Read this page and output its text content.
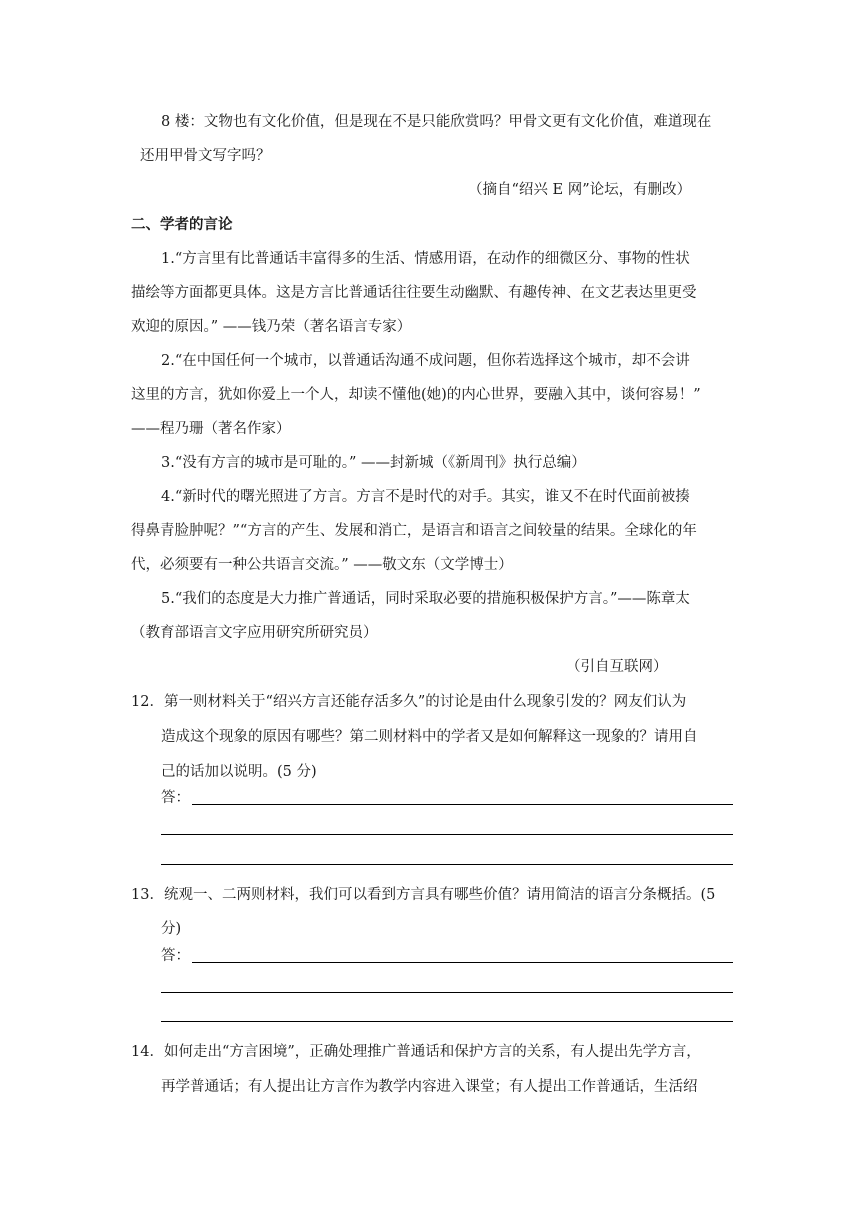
8 楼：文物也有文化价值，但是现在不是只能欣赏吗？甲骨文更有文化价值，难道现在
还用甲骨文写字吗？
（摘自“绍兴 E 网”论坛，有删改）
二、学者的言论
1.“方言里有比普通话丰富得多的生活、情感用语，在动作的细微区分、事物的性状
描绘等方面都更具体。这是方言比普通话往往要生动幽默、有趣传神、在文艺表达里更受
欢迎的原因。” ——钱乃荣（著名语言专家）
2.“在中国任何一个城市，以普通话沟通不成问题，但你若选择这个城市，却不会讲
这里的方言，犹如你爱上一个人，却读不懂他(她)的内心世界，要融入其中，谈何容易！”
——程乃珊（著名作家）
3.“没有方言的城市是可耻的。” ——封新城（《新周刊》执行总编）
4.“新时代的曙光照进了方言。方言不是时代的对手。其实，谁又不在时代面前被揍
得鼻青脸肿呢？”“方言的产生、发展和消亡，是语言和语言之间较量的结果。全球化的年
代，必须要有一种公共语言交流。” ——敬文东（文学博士）
5.“我们的态度是大力推广普通话，同时采取必要的措施积极保护方言。”——陈章太
（教育部语言文字应用研究所研究员）
（引自互联网）
12．第一则材料关于“绍兴方言还能存活多久”的讨论是由什么现象引发的？网友们认为
造成这个现象的原因有哪些？第二则材料中的学者又是如何解释这一现象的？请用自
己的话加以说明。(5 分)
答：
13．统观一、二两则材料，我们可以看到方言具有哪些价值？请用简洁的语言分条概括。(5
分)
答：
14．如何走出“方言困境”，正确处理推广普通话和保护方言的关系，有人提出先学方言，
再学普通话；有人提出让方言作为教学内容进入课堂；有人提出工作普通话，生活绍
